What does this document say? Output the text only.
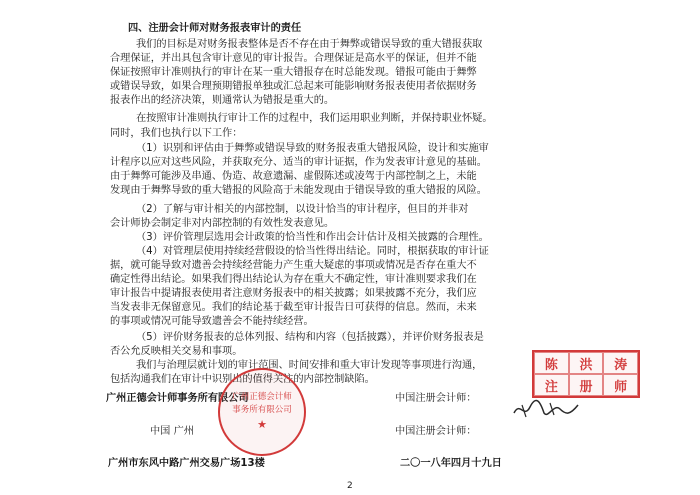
四、注册会计师对财务报表审计的责任
我们的目标是对财务报表整体是否不存在由于舞弊或错误导致的重大错报获取
合理保证，并出具包含审计意见的审计报告。合理保证是高水平的保证，但并不能
保证按照审计准则执行的审计在某一重大错报存在时总能发现。错报可能由于舞弊
或错误导致，如果合理预期错报单独或汇总起来可能影响财务报表使用者依据财务
报表作出的经济决策，则通常认为错报是重大的。
在按照审计准则执行审计工作的过程中，我们运用职业判断，并保持职业怀疑。
同时，我们也执行以下工作：
（1）识别和评估由于舞弊或错误导致的财务报表重大错报风险，设计和实施审
计程序以应对这些风险，并获取充分、适当的审计证据，作为发表审计意见的基础。
由于舞弊可能涉及串通、伪造、故意遗漏、虚假陈述或凌驾于内部控制之上，未能
发现由于舞弊导致的重大错报的风险高于未能发现由于错误导致的重大错报的风险。
（2）了解与审计相关的内部控制，以设计恰当的审计程序，但目的并非对
会计师协会制定非对内部控制的有效性发表意见。
（3）评价管理层选用会计政策的恰当性和作出会计估计及相关披露的合理性。
（4）对管理层使用持续经营假设的恰当性得出结论。同时，根据获取的审计证
据，就可能导致对遗善会持续经营能力产生重大疑虑的事项或情况是否存在重大不
确定性得出结论。如果我们得出结论认为存在重大不确定性，审计准则要求我们在
审计报告中提请报表使用者注意财务报表中的相关披露；如果披露不充分，我们应
当发表非无保留意见。我们的结论基于截至审计报告日可获得的信息。然而，未来
的事项或情况可能导致遗善会不能持续经营。
（5）评价财务报表的总体列报、结构和内容（包括披露），并评价财务报表是
否公允反映相关交易和事项。
我们与治理层就计划的审计范围、时间安排和重大审计发现等事项进行沟通，
包括沟通我们在审计中识别出的值得关注的内部控制缺陷。
广州正德会计师事务所有限公司	中国注册会计师：
中国 广州	中国注册会计师：
广州市东风中路广州交易广场13楼	二〇一八年四月十九日
2
广州正德会计师
事务所有限公司
★
陈	洪	涛
注	册	师
